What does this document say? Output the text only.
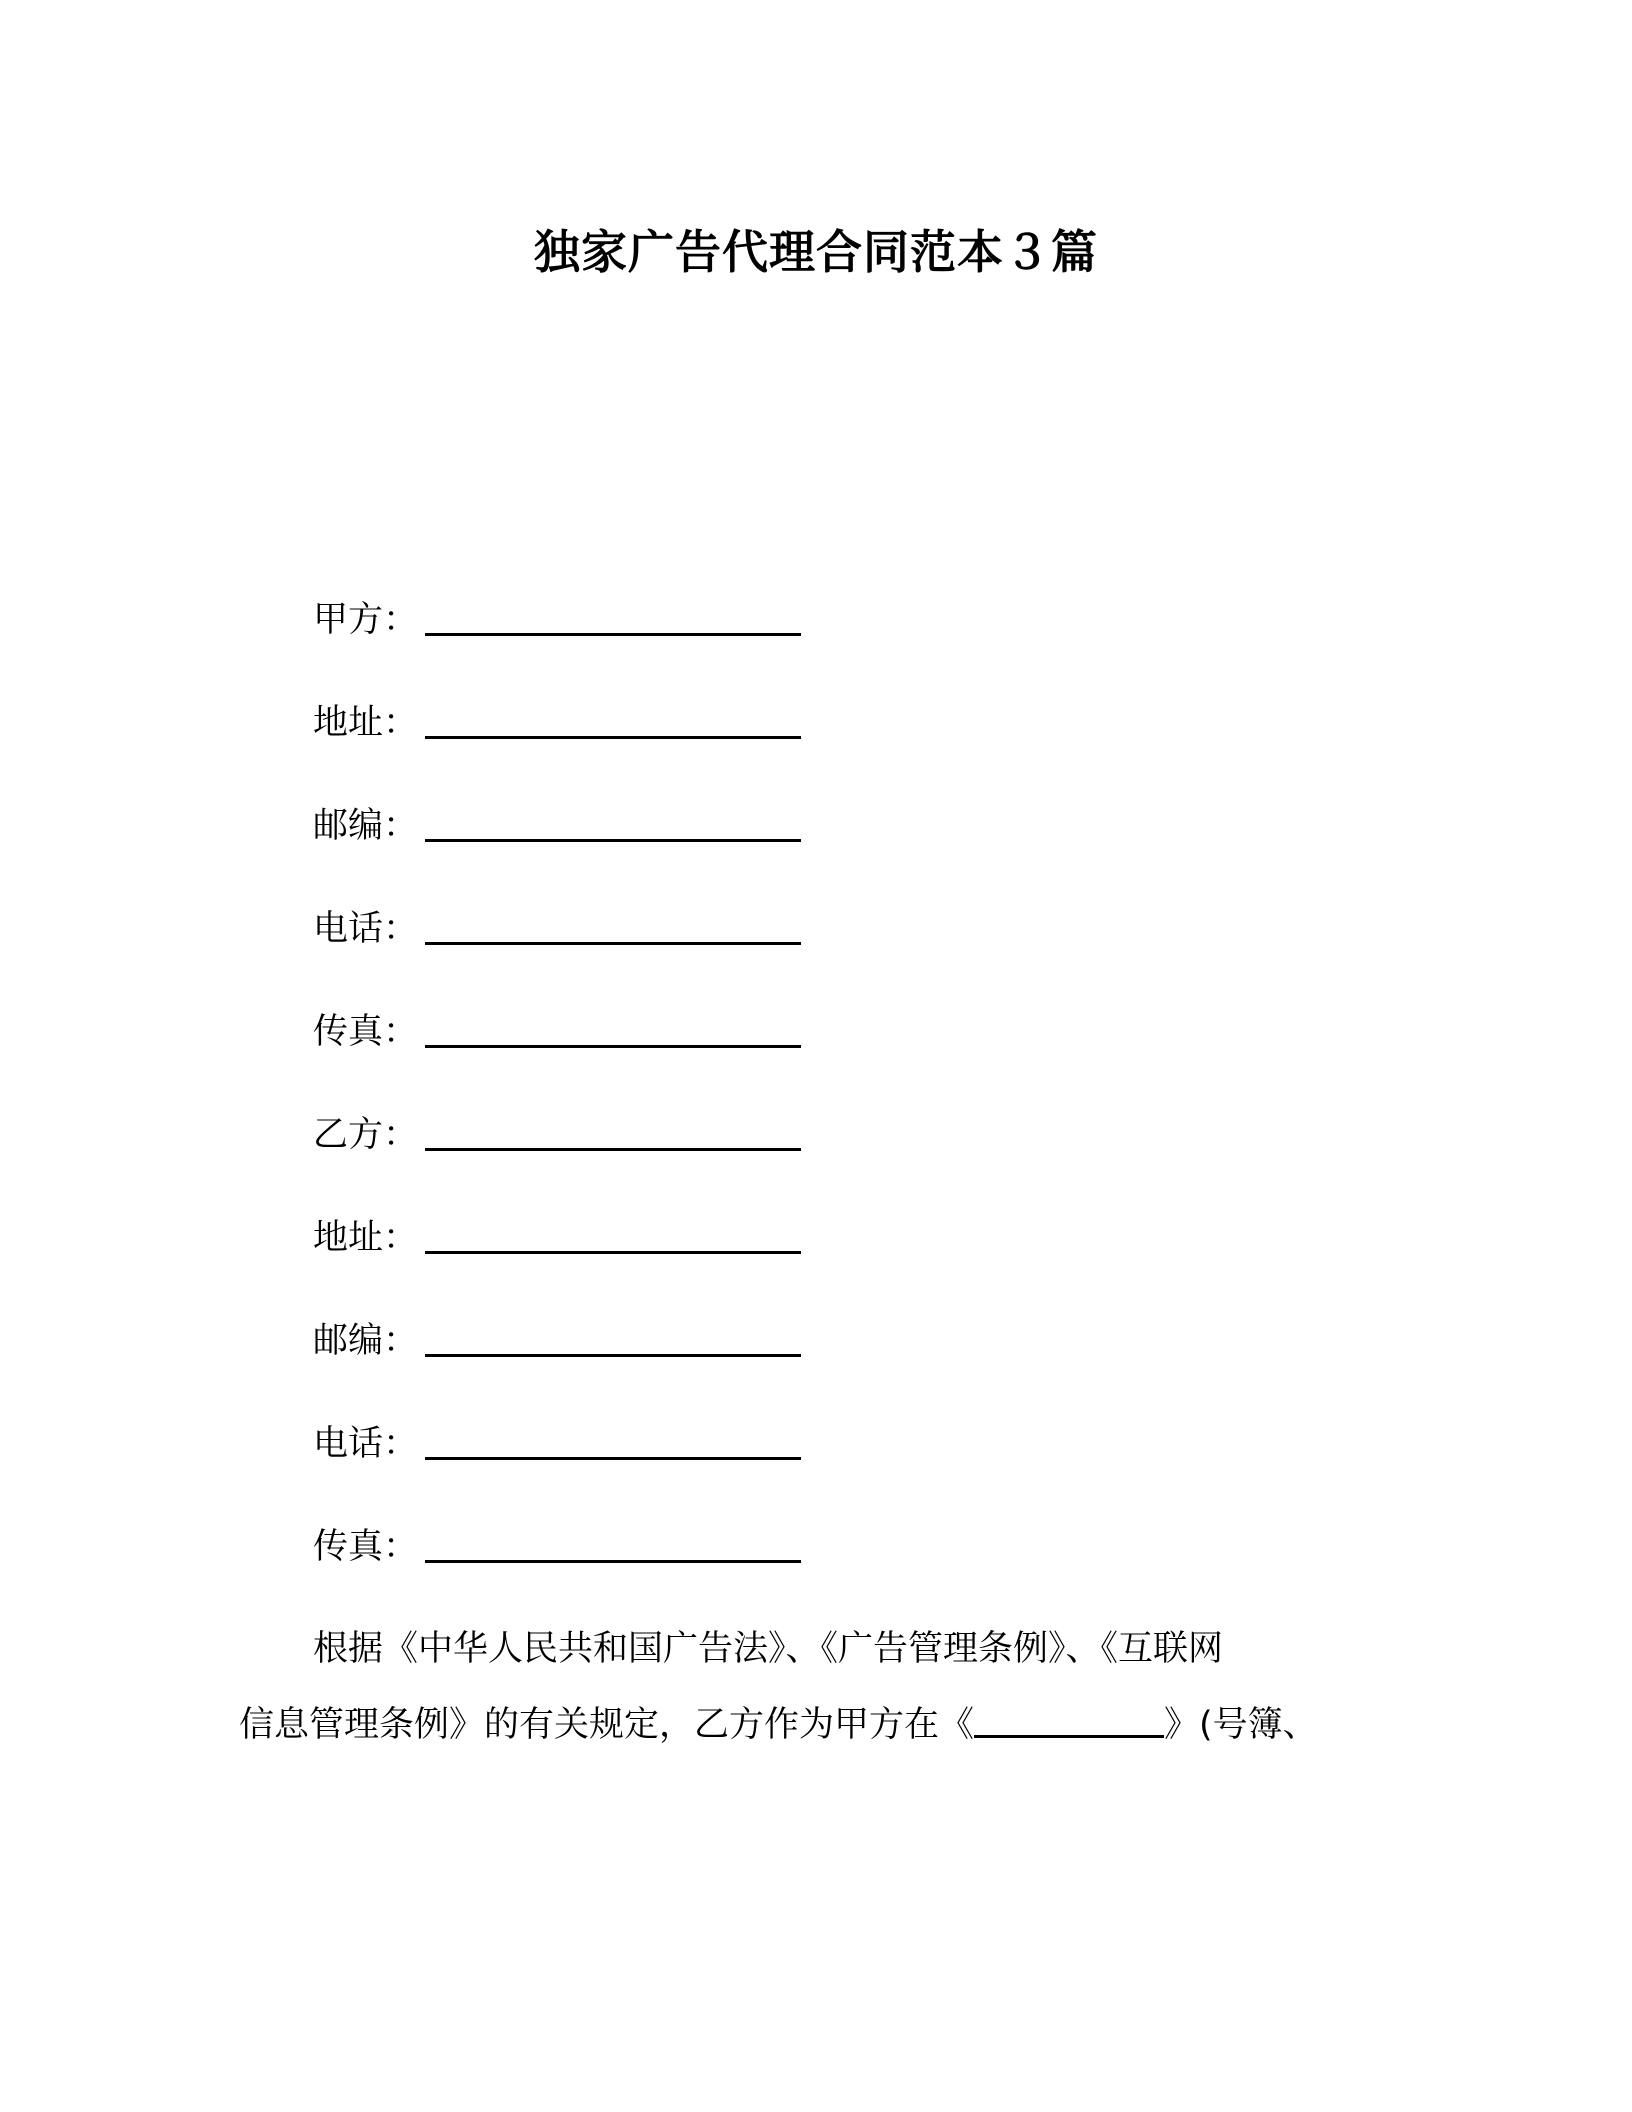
独家广告代理合同范本３篇
甲方：
地址：
邮编：
电话：
传真：
乙方：
地址：
邮编：
电话：
传真：
根据《中华人民共和国广告法》、《广告管理条例》、《互联网
信息管理条例》的有关规定，乙方作为甲方在《	》(号簿、
